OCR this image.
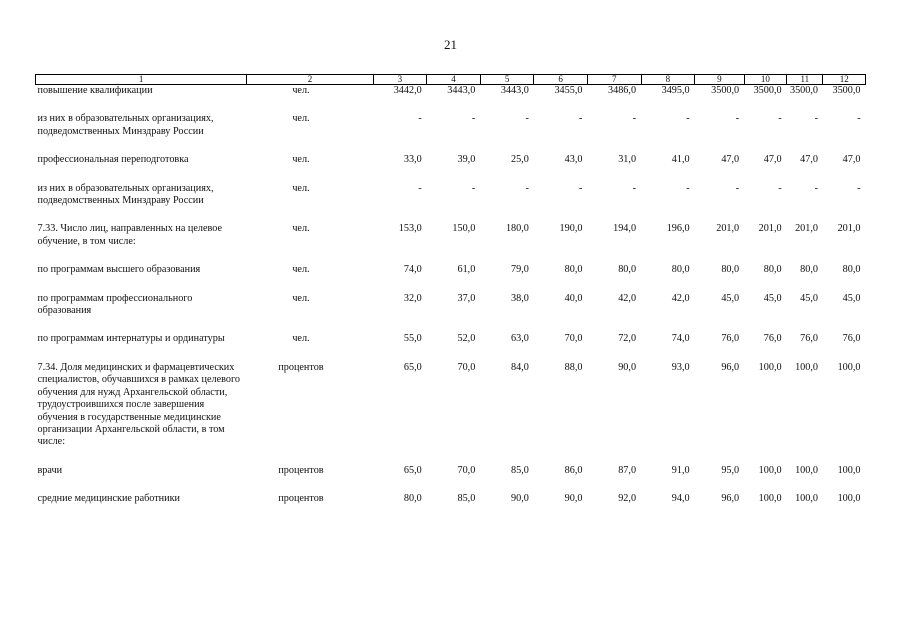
21
1	2	3	4	5	6	7	8	9	10	11	12
повышение квалификации	чел.	3442,0	3443,0	3443,0	3455,0	3486,0	3495,0	3500,0	3500,0	3500,0	3500,0

из них в образовательных организациях, подведомственных Минздраву России	чел.	-	-	-	-	-	-	-	-	-	-

профессиональная переподготовка	чел.	33,0	39,0	25,0	43,0	31,0	41,0	47,0	47,0	47,0	47,0

из них в образовательных организациях, подведомственных Минздраву России	чел.	-	-	-	-	-	-	-	-	-	-

7.33. Число лиц, направленных на целевое обучение, в том числе:	чел.	153,0	150,0	180,0	190,0	194,0	196,0	201,0	201,0	201,0	201,0

по программам высшего образования	чел.	74,0	61,0	79,0	80,0	80,0	80,0	80,0	80,0	80,0	80,0

по программам профессионального образования	чел.	32,0	37,0	38,0	40,0	42,0	42,0	45,0	45,0	45,0	45,0

по программам интернатуры и ординатуры	чел.	55,0	52,0	63,0	70,0	72,0	74,0	76,0	76,0	76,0	76,0

7.34. Доля медицинских и фармацевтических специалистов, обучавшихся в рамках целевого обучения для нужд Архангельской области, трудоустроившихся после завершения обучения в государственные медицинские организации Архангельской области, в том числе:	процентов	65,0	70,0	84,0	88,0	90,0	93,0	96,0	100,0	100,0	100,0

врачи	процентов	65,0	70,0	85,0	86,0	87,0	91,0	95,0	100,0	100,0	100,0

средние медицинские работники	процентов	80,0	85,0	90,0	90,0	92,0	94,0	96,0	100,0	100,0	100,0
